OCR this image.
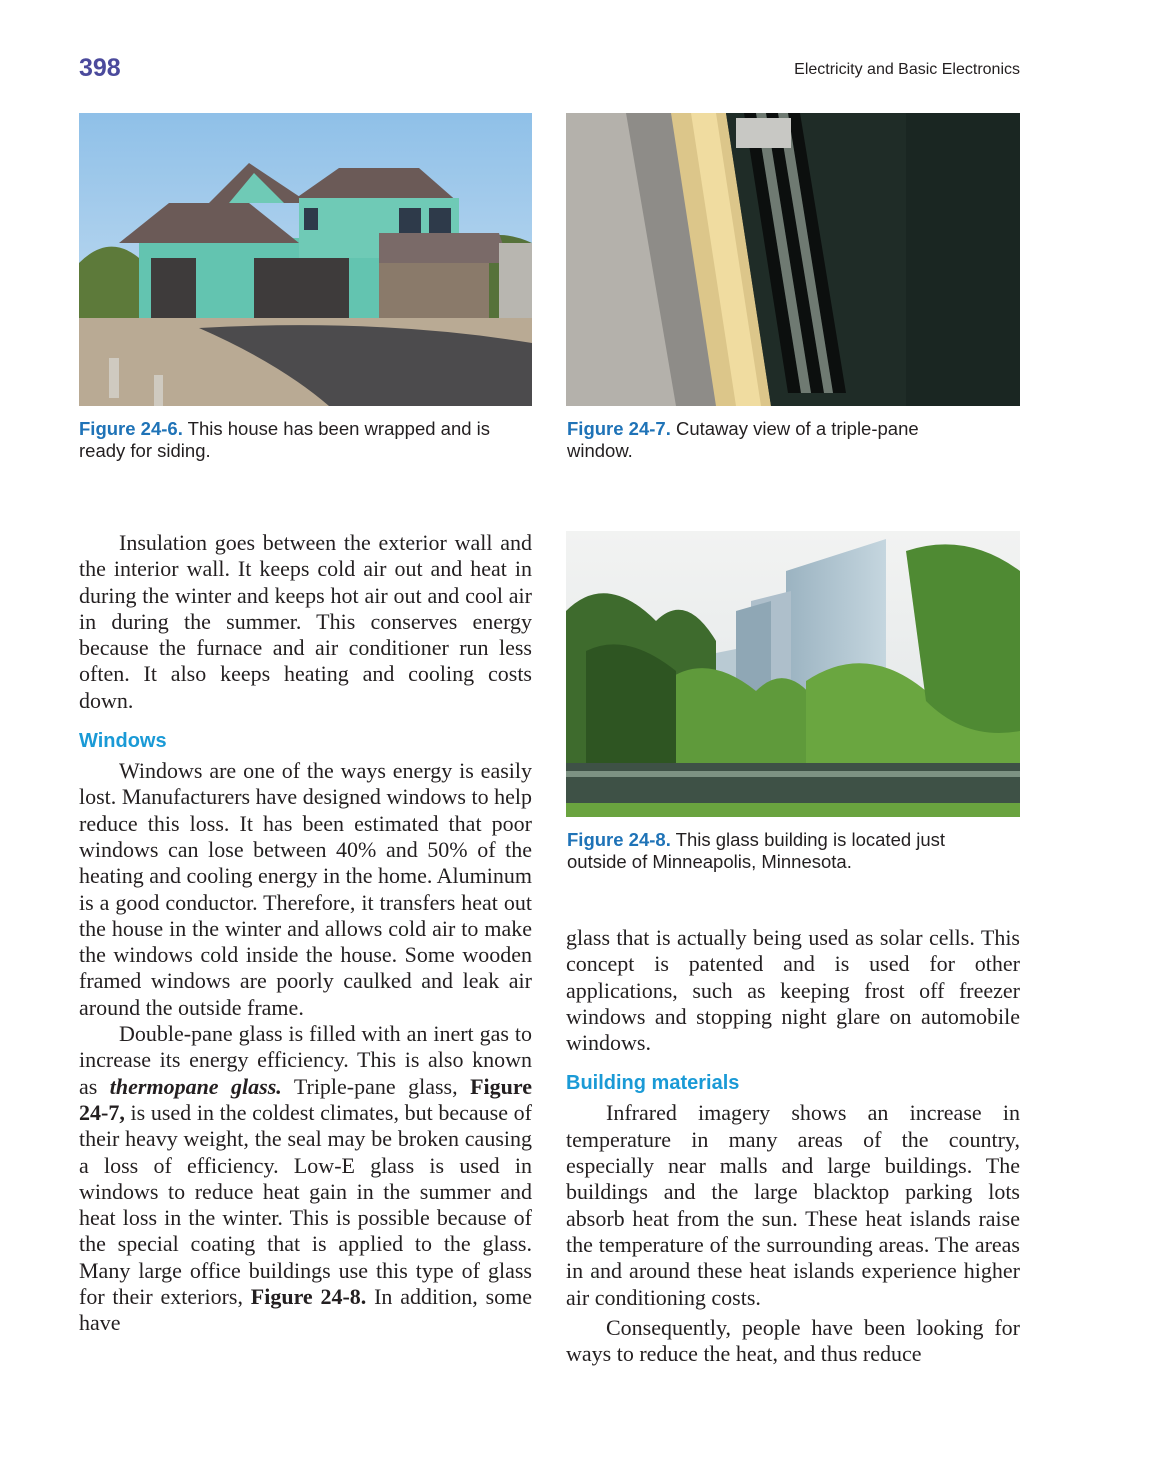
398	Electricity and Basic Electronics
Figure 24-6. This house has been wrapped and is ready for siding.
Figure 24-7. Cutaway view of a triple-pane window.
Figure 24-8. This glass building is located just outside of Minneapolis, Minnesota.

Insulation goes between the exterior wall and the interior wall. It keeps cold air out and heat in during the winter and keeps hot air out and cool air in during the summer. This conserves energy because the furnace and air conditioner run less often. It also keeps heating and cooling costs down.

Windows

Windows are one of the ways energy is easily lost. Manufacturers have designed windows to help reduce this loss. It has been estimated that poor windows can lose between 40% and 50% of the heating and cooling energy in the home. Aluminum is a good conductor. Therefore, it transfers heat out the house in the winter and allows cold air to make the windows cold inside the house. Some wooden framed windows are poorly caulked and leak air around the outside frame.

Double-pane glass is filled with an inert gas to increase its energy efficiency. This is also known as thermopane glass. Triple-pane glass, Figure 24-7, is used in the coldest climates, but because of their heavy weight, the seal may be broken causing a loss of efficiency. Low-E glass is used in windows to reduce heat gain in the summer and heat loss in the winter. This is possible because of the special coating that is applied to the glass. Many large office buildings use this type of glass for their exteriors, Figure 24-8. In addition, some have

glass that is actually being used as solar cells. This concept is patented and is used for other applications, such as keeping frost off freezer windows and stopping night glare on automobile windows.

Building materials

Infrared imagery shows an increase in temperature in many areas of the country, especially near malls and large buildings. The buildings and the large blacktop parking lots absorb heat from the sun. These heat islands raise the temperature of the surrounding areas. The areas in and around these heat islands experience higher air conditioning costs.

Consequently, people have been looking for ways to reduce the heat, and thus reduce
